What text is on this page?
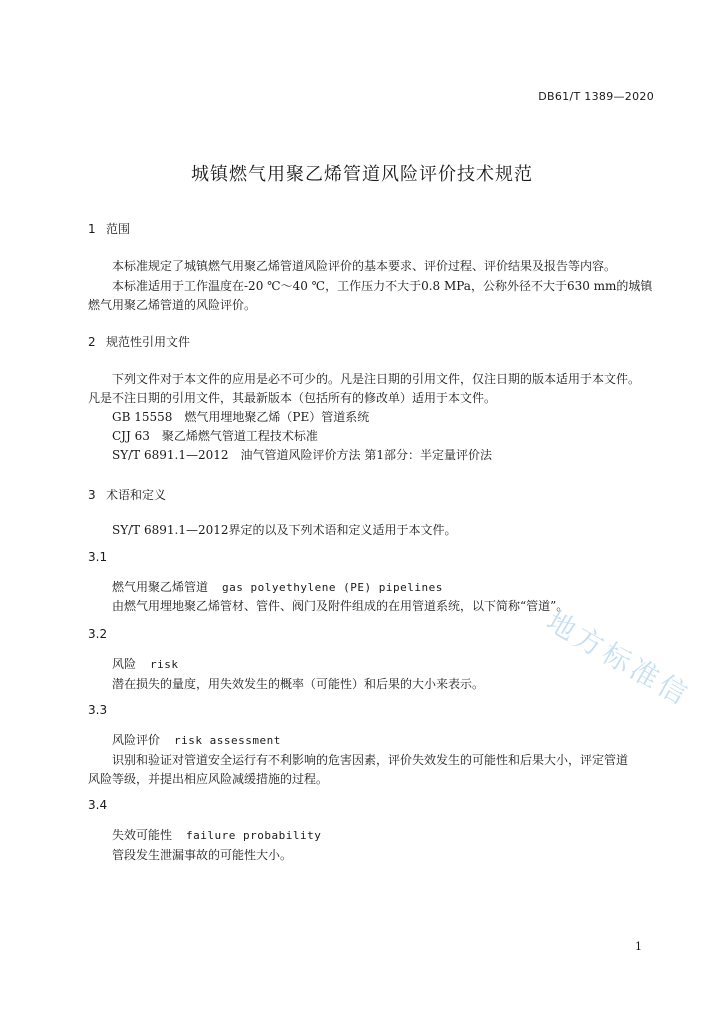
DB61/T 1389—2020
城镇燃气用聚乙烯管道风险评价技术规范
1 范围
本标准规定了城镇燃气用聚乙烯管道风险评价的基本要求、评价过程、评价结果及报告等内容。
本标准适用于工作温度在-20 ℃～40 ℃，工作压力不大于0.8 MPa，公称外径不大于630 mm的城镇
燃气用聚乙烯管道的风险评价。
2 规范性引用文件
下列文件对于本文件的应用是必不可少的。凡是注日期的引用文件，仅注日期的版本适用于本文件。
凡是不注日期的引用文件，其最新版本（包括所有的修改单）适用于本文件。
GB 15558　燃气用埋地聚乙烯（PE）管道系统
CJJ 63　聚乙烯燃气管道工程技术标准
SY/T 6891.1—2012　油气管道风险评价方法 第1部分：半定量评价法
3 术语和定义
SY/T 6891.1—2012界定的以及下列术语和定义适用于本文件。
3.1
燃气用聚乙烯管道 gas polyethylene (PE) pipelines
由燃气用埋地聚乙烯管材、管件、阀门及附件组成的在用管道系统，以下简称“管道”。
3.2
风险 risk
潜在损失的量度，用失效发生的概率（可能性）和后果的大小来表示。
3.3
风险评价 risk assessment
识别和验证对管道安全运行有不利影响的危害因素，评价失效发生的可能性和后果大小，评定管道
风险等级，并提出相应风险减缓措施的过程。
3.4
失效可能性 failure probability
管段发生泄漏事故的可能性大小。
地方标准信
1
